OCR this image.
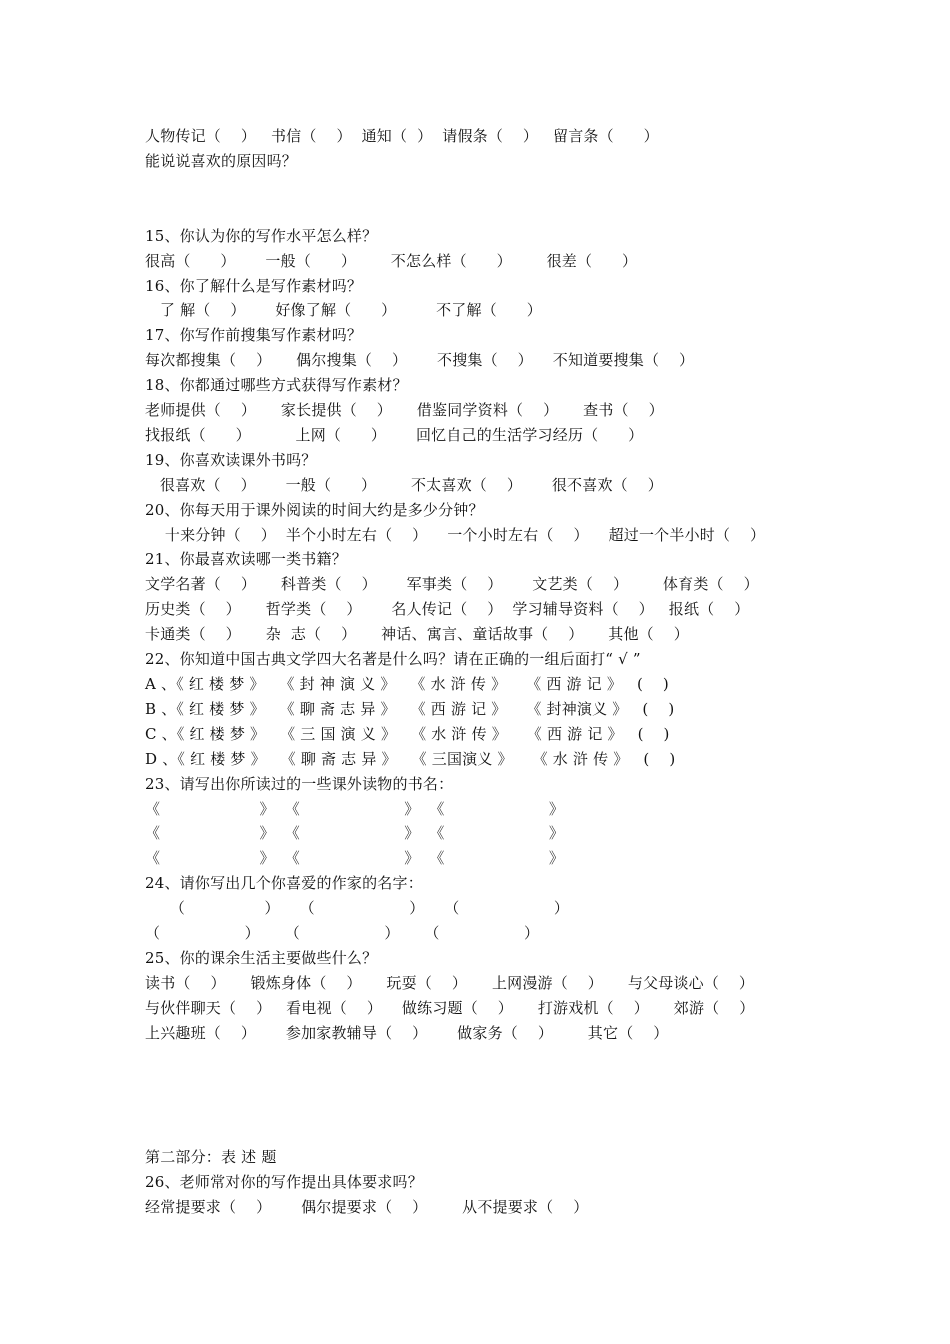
人物传记（    ）   书信（    ）  通知（  ）  请假条（    ）   留言条（      ）
能说说喜欢的原因吗？
15、你认为你的写作水平怎么样？
很高（      ）      一般（      ）       不怎么样（      ）       很差（      ）
16、你了解什么是写作素材吗？
了 解（    ）      好像了解（      ）        不了解（      ）
17、你写作前搜集写作素材吗？
每次都搜集（    ）     偶尔搜集（    ）      不搜集（    ）    不知道要搜集（    ）
18、你都通过哪些方式获得写作素材？
老师提供（    ）     家长提供（    ）     借鉴同学资料（    ）     查书（    ）
找报纸（      ）         上网（      ）      回忆自己的生活学习经历（      ）
19、你喜欢读课外书吗？
很喜欢（    ）      一般（      ）       不太喜欢（    ）      很不喜欢（    ）
20、你每天用于课外阅读的时间大约是多少分钟？
十来分钟（    ）  半个小时左右（    ）    一个小时左右（    ）    超过一个半小时（    ）
21、你最喜欢读哪一类书籍？
文学名著（    ）     科普类（    ）      军事类（    ）      文艺类（    ）       体育类（    ）
历史类（    ）     哲学类（    ）      名人传记（    ）  学习辅导资料（    ）   报纸（    ）
卡通类（    ）     杂  志（    ）     神话、寓言、童话故事（    ）     其他（    ）
22、你知道中国古典文学四大名著是什么吗？请在正确的一组后面打“ √ ”
A 、《 红 楼 梦 》   《 封 神 演 义 》   《 水 浒 传 》    《 西 游 记 》   (    )
B 、《 红 楼 梦 》   《 聊 斋 志 异 》   《 西 游 记 》    《 封神演义 》   (    )
C 、《 红 楼 梦 》   《 三 国 演 义 》   《 水 浒 传 》    《 西 游 记 》   (    )
D 、《 红 楼 梦 》   《 聊 斋 志 异 》   《 三国演义 》    《 水 浒 传 》   (    )
23、请写出你所读过的一些课外读物的书名：
《                    》  《                     》  《                     》
《                    》  《                     》  《                     》
《                    》  《                     》  《                     》
24、请你写出几个你喜爱的作家的名字：
（                ）    （                   ）    （                   ）
（                 ）     （                 ）     （                 ）
25、你的课余生活主要做些什么？
读书（    ）     锻炼身体（    ）     玩耍（    ）     上网漫游（    ）     与父母谈心（    ）
与伙伴聊天（    ）   看电视（    ）    做练习题（    ）     打游戏机（    ）     郊游（    ）
上兴趣班（    ）      参加家教辅导（    ）      做家务（    ）       其它（    ）
第二部分：表 述 题
26、老师常对你的写作提出具体要求吗？
经常提要求（    ）      偶尔提要求（    ）       从不提要求（    ）
